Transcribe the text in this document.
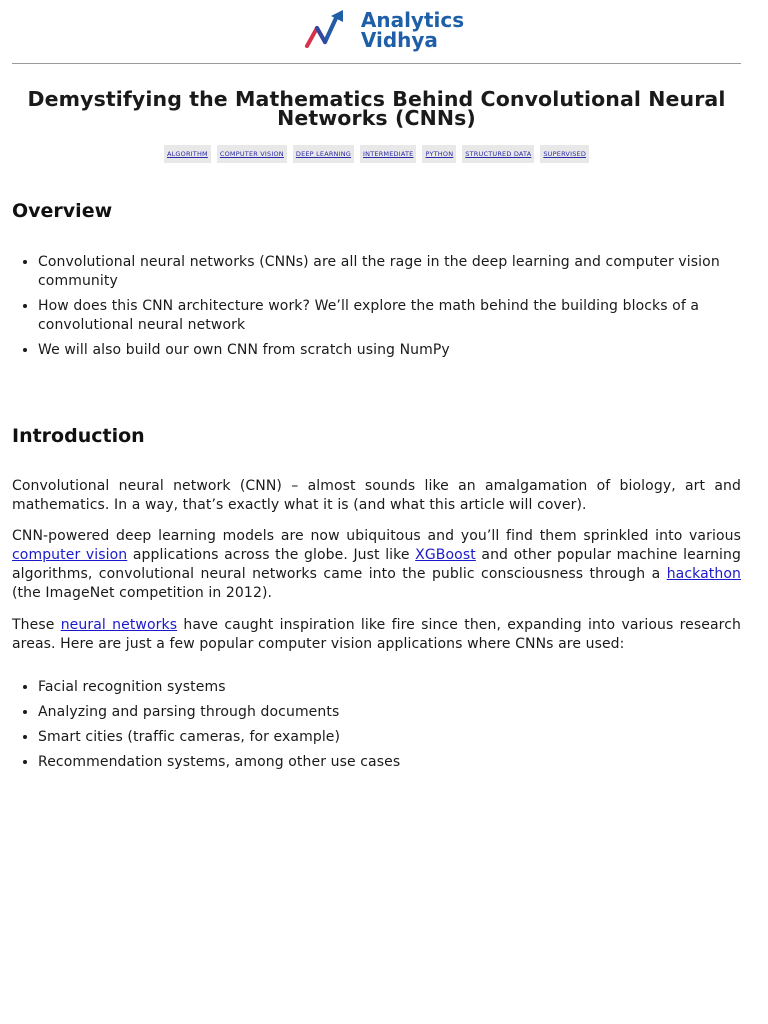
Analytics
Vidhya
Demystifying the Mathematics Behind Convolutional Neural Networks (CNNs)
ALGORITHM	COMPUTER VISION	DEEP LEARNING	INTERMEDIATE	PYTHON	STRUCTURED DATA	SUPERVISED
Overview
• Convolutional neural networks (CNNs) are all the rage in the deep learning and computer vision community
• How does this CNN architecture work? We’ll explore the math behind the building blocks of a convolutional neural network
• We will also build our own CNN from scratch using NumPy
Introduction

Convolutional neural network (CNN) – almost sounds like an amalgamation of biology, art and mathematics. In a way, that’s exactly what it is (and what this article will cover).

CNN-powered deep learning models are now ubiquitous and you’ll find them sprinkled into various computer vision applications across the globe. Just like XGBoost and other popular machine learning algorithms, convolutional neural networks came into the public consciousness through a hackathon (the ImageNet competition in 2012).

These neural networks have caught inspiration like fire since then, expanding into various research areas. Here are just a few popular computer vision applications where CNNs are used:

• Facial recognition systems
• Analyzing and parsing through documents
• Smart cities (traffic cameras, for example)
• Recommendation systems, among other use cases
